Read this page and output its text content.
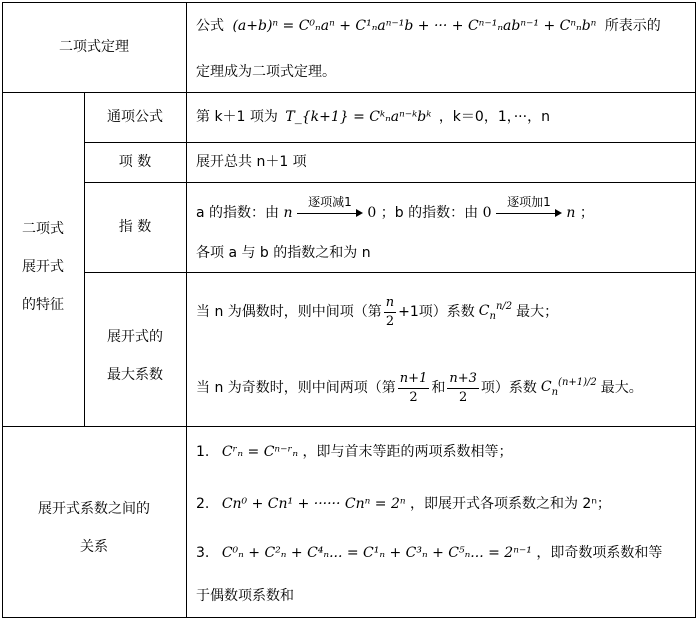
二项式定理
公式 (a+b)ⁿ = C⁰ₙaⁿ + C¹ₙaⁿ⁻¹b + ··· + Cⁿ⁻¹ₙabⁿ⁻¹ + Cⁿₙbⁿ 所表示的
定理成为二项式定理。
二项式
展开式
的特征
通项公式	第 k＋1 项为 T_{k+1} = Cᵏₙaⁿ⁻ᵏbᵏ ，k＝0，1，···，n
项 数	展开总共 n＋1 项
指 数
a 的指数：由 n
逐项减1
0 ；b 的指数：由 0
逐项加1
n ；
各项 a 与 b 的指数之和为 n
展开式的
最大系数
当 n 为偶数时，则中间项（第 $\frac{n}{2} +1$项）系数 $C_n^{n/2}$ 最大；
当 n 为奇数时，则中间两项（第 $\frac{n+1}{2}$ 和 $\frac{n+3}{2}$ 项）系数 $C_n^{(n+1)/2}$ 最大。
展开式系数之间的
关系
1. Cʳₙ = Cⁿ⁻ʳₙ ，即与首末等距的两项系数相等；
2. Cn⁰ + Cn¹ + ······ Cnⁿ = 2ⁿ ，即展开式各项系数之和为 2ⁿ；
3. C⁰ₙ + C²ₙ + C⁴ₙ... = C¹ₙ + C³ₙ + C⁵ₙ... = 2ⁿ⁻¹ ，即奇数项系数和等
于偶数项系数和
